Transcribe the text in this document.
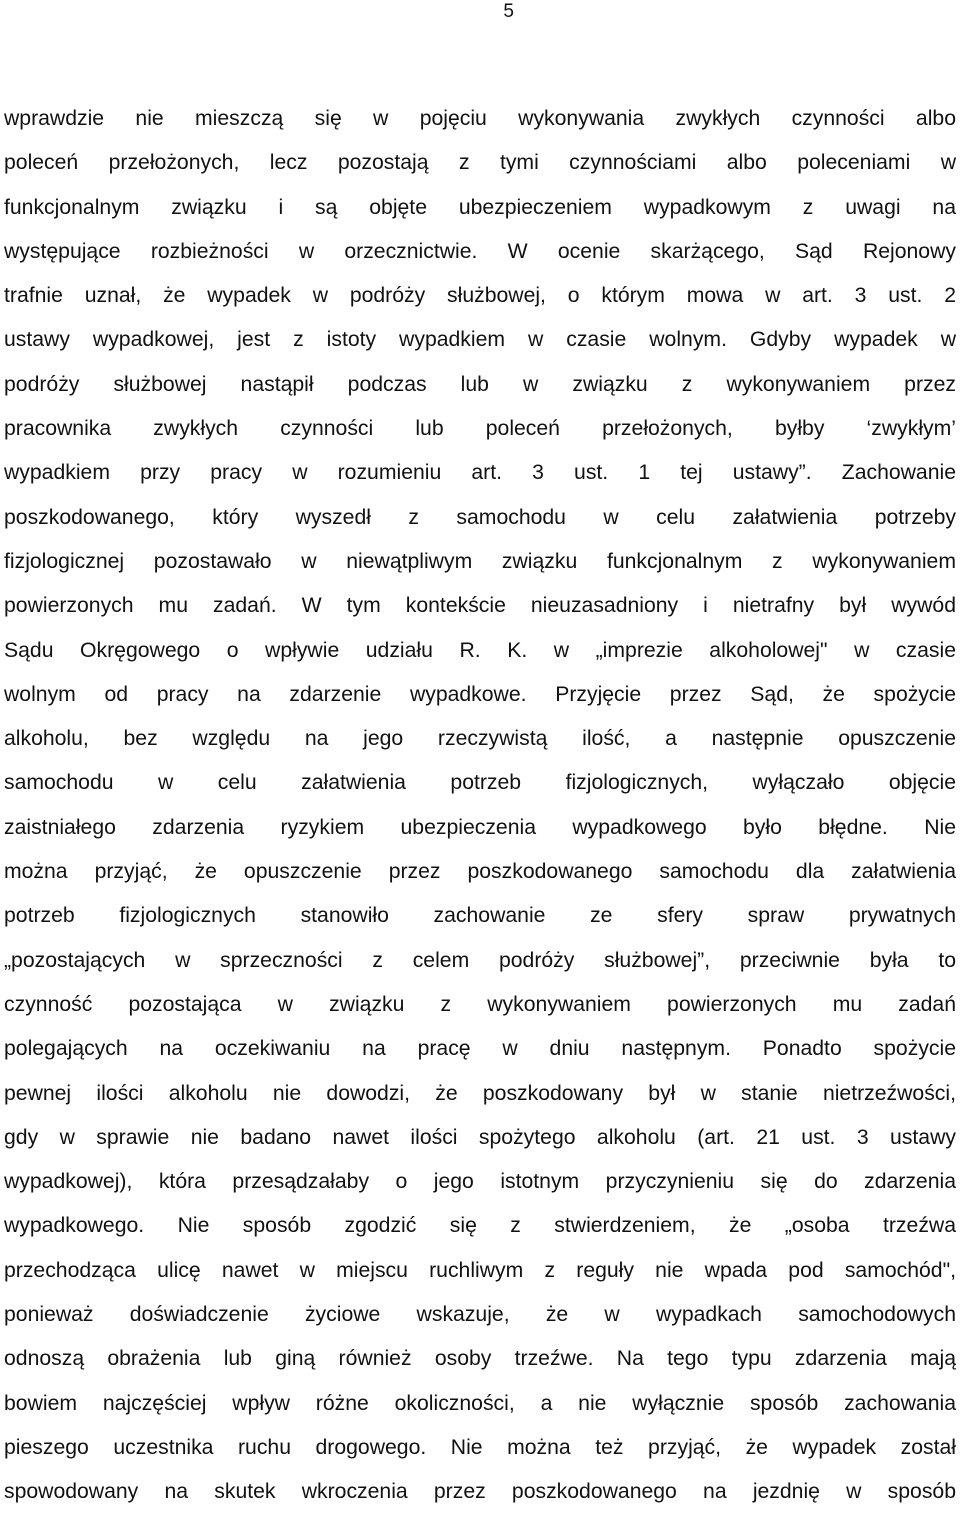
5
wprawdzie nie mieszczą się w pojęciu wykonywania zwykłych czynności albo
poleceń przełożonych, lecz pozostają z tymi czynnościami albo poleceniami w
funkcjonalnym związku i są objęte ubezpieczeniem wypadkowym z uwagi na
występujące rozbieżności w orzecznictwie. W ocenie skarżącego, Sąd Rejonowy
trafnie uznał, że wypadek w podróży służbowej, o którym mowa w art. 3 ust. 2
ustawy wypadkowej, jest z istoty wypadkiem w czasie wolnym. Gdyby wypadek w
podróży służbowej nastąpił podczas lub w związku z wykonywaniem przez
pracownika zwykłych czynności lub poleceń przełożonych, byłby ‘zwykłym’
wypadkiem przy pracy w rozumieniu art. 3 ust. 1 tej ustawy”. Zachowanie
poszkodowanego, który wyszedł z samochodu w celu załatwienia potrzeby
fizjologicznej pozostawało w niewątpliwym związku funkcjonalnym z wykonywaniem
powierzonych mu zadań. W tym kontekście nieuzasadniony i nietrafny był wywód
Sądu Okręgowego o wpływie udziału R. K. w „imprezie alkoholowej" w czasie
wolnym od pracy na zdarzenie wypadkowe. Przyjęcie przez Sąd, że spożycie
alkoholu, bez względu na jego rzeczywistą ilość, a następnie opuszczenie
samochodu w celu załatwienia potrzeb fizjologicznych, wyłączało objęcie
zaistniałego zdarzenia ryzykiem ubezpieczenia wypadkowego było błędne. Nie
można przyjąć, że opuszczenie przez poszkodowanego samochodu dla załatwienia
potrzeb fizjologicznych stanowiło zachowanie ze sfery spraw prywatnych
„pozostających w sprzeczności z celem podróży służbowej”, przeciwnie była to
czynność pozostająca w związku z wykonywaniem powierzonych mu zadań
polegających na oczekiwaniu na pracę w dniu następnym. Ponadto spożycie
pewnej ilości alkoholu nie dowodzi, że poszkodowany był w stanie nietrzeźwości,
gdy w sprawie nie badano nawet ilości spożytego alkoholu (art. 21 ust. 3 ustawy
wypadkowej), która przesądzałaby o jego istotnym przyczynieniu się do zdarzenia
wypadkowego. Nie sposób zgodzić się z stwierdzeniem, że „osoba trzeźwa
przechodząca ulicę nawet w miejscu ruchliwym z reguły nie wpada pod samochód",
ponieważ doświadczenie życiowe wskazuje, że w wypadkach samochodowych
odnoszą obrażenia lub giną również osoby trzeźwe. Na tego typu zdarzenia mają
bowiem najczęściej wpływ różne okoliczności, a nie wyłącznie sposób zachowania
pieszego uczestnika ruchu drogowego. Nie można też przyjąć, że wypadek został
spowodowany na skutek wkroczenia przez poszkodowanego na jezdnię w sposób
